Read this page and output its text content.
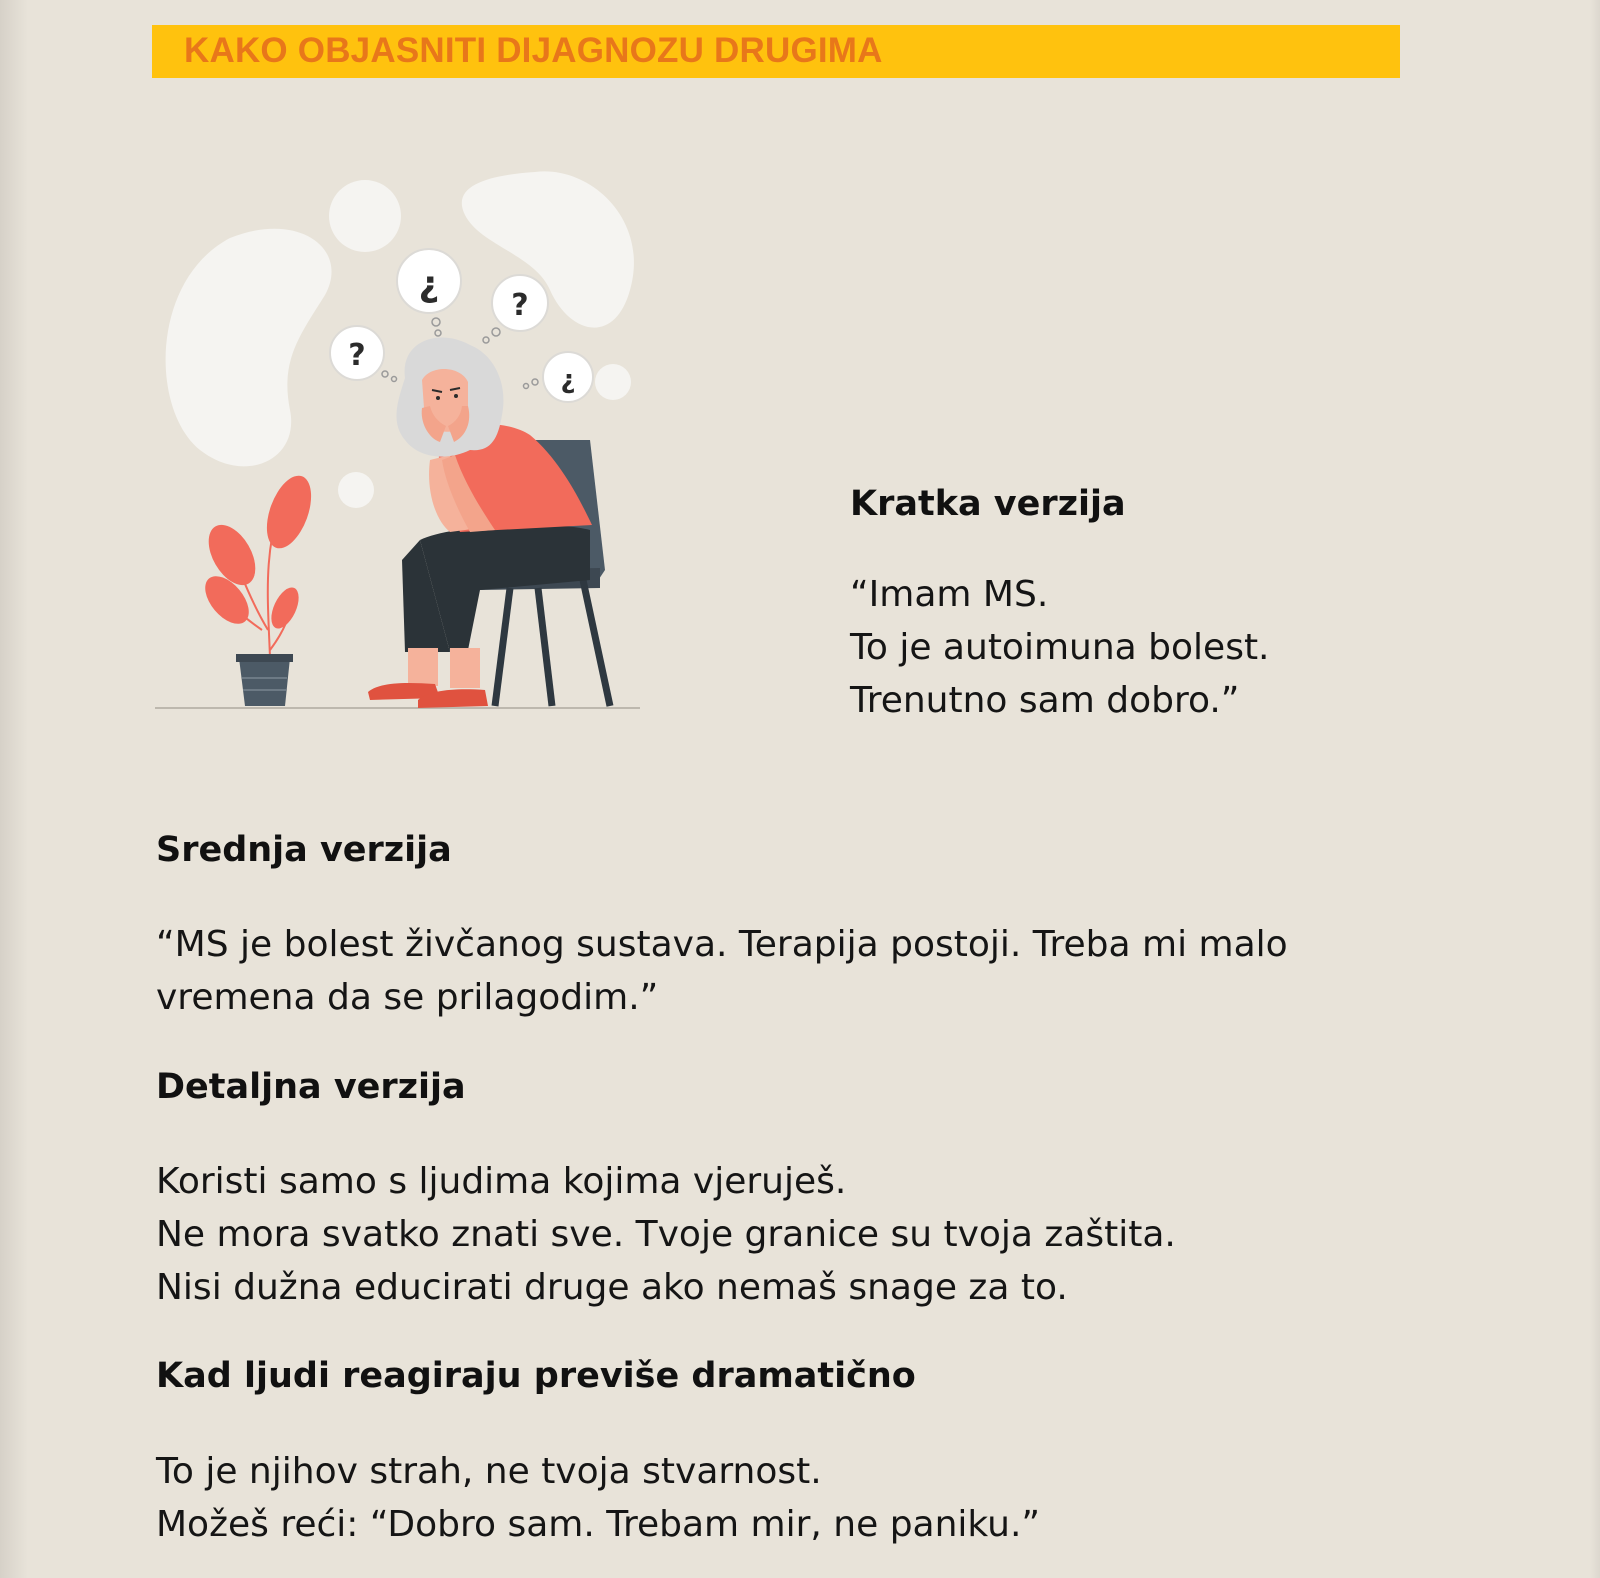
KAKO OBJASNITI DIJAGNOZU DRUGIMA
¿
?
?
¿
Kratka verzija
“Imam MS.
To je autoimuna bolest.
Trenutno sam dobro.”
Srednja verzija
“MS je bolest živčanog sustava. Terapija postoji. Treba mi malo
vremena da se prilagodim.”
Detaljna verzija
Koristi samo s ljudima kojima vjeruješ.
Ne mora svatko znati sve. Tvoje granice su tvoja zaštita.
Nisi dužna educirati druge ako nemaš snage za to.
Kad ljudi reagiraju previše dramatično
To je njihov strah, ne tvoja stvarnost.
Možeš reći: “Dobro sam. Trebam mir, ne paniku.”
